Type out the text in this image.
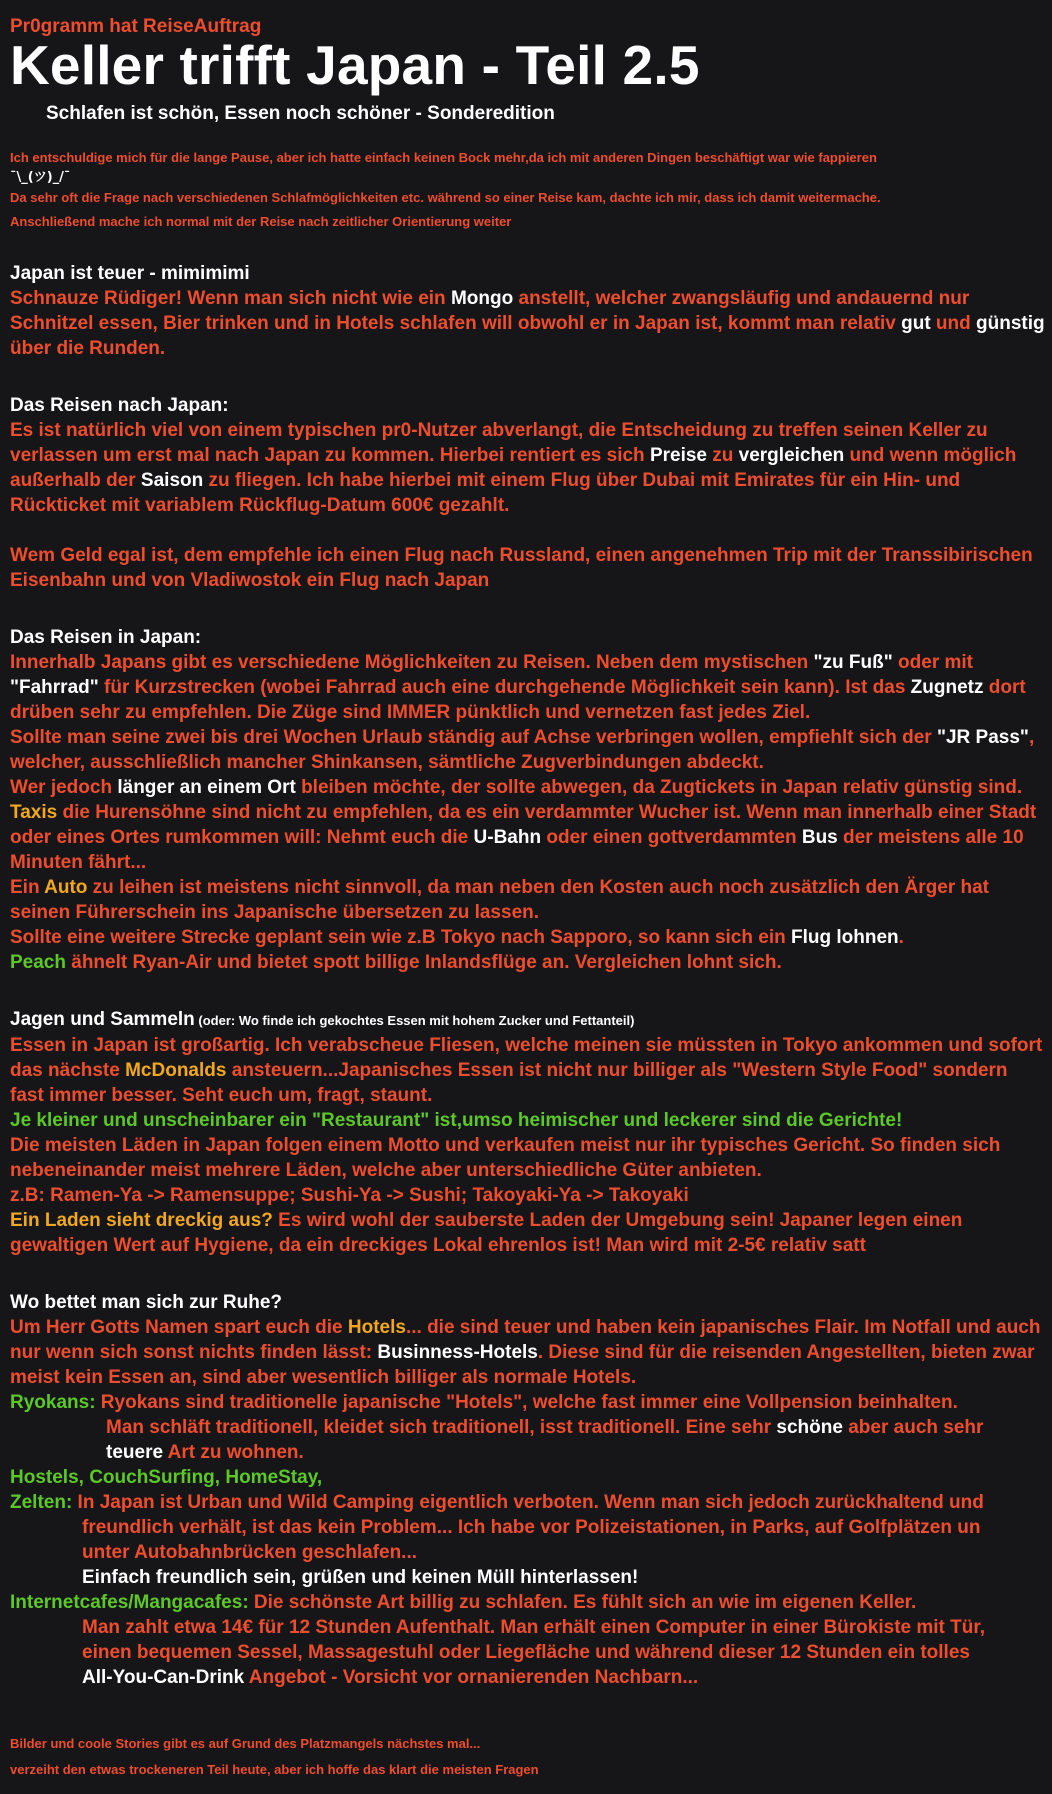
Pr0gramm hat ReiseAuftrag
Keller trifft Japan - Teil 2.5
Schlafen ist schön, Essen noch schöner - Sonderedition
Ich entschuldige mich für die lange Pause, aber ich hatte einfach keinen Bock mehr,da ich mit anderen Dingen beschäftigt war wie fappieren
¯\_(ツ)_/¯
Da sehr oft die Frage nach verschiedenen Schlafmöglichkeiten etc. während so einer Reise kam, dachte ich mir, dass ich damit weitermache.
Anschließend mache ich normal mit der Reise nach zeitlicher Orientierung weiter
Japan ist teuer - mimimimi
Schnauze Rüdiger! Wenn man sich nicht wie ein Mongo anstellt, welcher zwangsläufig und andauernd nur Schnitzel essen, Bier trinken und in Hotels schlafen will obwohl er in Japan ist, kommt man relativ gut und günstig über die Runden.
Das Reisen nach Japan:
Es ist natürlich viel von einem typischen pr0-Nutzer abverlangt, die Entscheidung zu treffen seinen Keller zu verlassen um erst mal nach Japan zu kommen. Hierbei rentiert es sich Preise zu vergleichen und wenn möglich außerhalb der Saison zu fliegen. Ich habe hierbei mit einem Flug über Dubai mit Emirates für ein Hin- und Rückticket mit variablem Rückflug-Datum 600€ gezahlt.
Wem Geld egal ist, dem empfehle ich einen Flug nach Russland, einen angenehmen Trip mit der Transsibirischen Eisenbahn und von Vladiwostok ein Flug nach Japan
Das Reisen in Japan:
Innerhalb Japans gibt es verschiedene Möglichkeiten zu Reisen. Neben dem mystischen "zu Fuß" oder mit "Fahrrad" für Kurzstrecken (wobei Fahrrad auch eine durchgehende Möglichkeit sein kann). Ist das Zugnetz dort drüben sehr zu empfehlen. Die Züge sind IMMER pünktlich und vernetzen fast jedes Ziel.
Sollte man seine zwei bis drei Wochen Urlaub ständig auf Achse verbringen wollen, empfiehlt sich der "JR Pass", welcher, ausschließlich mancher Shinkansen, sämtliche Zugverbindungen abdeckt.
Wer jedoch länger an einem Ort bleiben möchte, der sollte abwegen, da Zugtickets in Japan relativ günstig sind.
Taxis die Hurensöhne sind nicht zu empfehlen, da es ein verdammter Wucher ist. Wenn man innerhalb einer Stadt oder eines Ortes rumkommen will: Nehmt euch die U-Bahn oder einen gottverdammten Bus der meistens alle 10 Minuten fährt...
Ein Auto zu leihen ist meistens nicht sinnvoll, da man neben den Kosten auch noch zusätzlich den Ärger hat seinen Führerschein ins Japanische übersetzen zu lassen.
Sollte eine weitere Strecke geplant sein wie z.B Tokyo nach Sapporo, so kann sich ein Flug lohnen.
Peach ähnelt Ryan-Air und bietet spott billige Inlandsflüge an. Vergleichen lohnt sich.
Jagen und Sammeln (oder: Wo finde ich gekochtes Essen mit hohem Zucker und Fettanteil)
Essen in Japan ist großartig. Ich verabscheue Fliesen, welche meinen sie müssten in Tokyo ankommen und sofort das nächste McDonalds ansteuern...Japanisches Essen ist nicht nur billiger als "Western Style Food" sondern fast immer besser. Seht euch um, fragt, staunt.
Je kleiner und unscheinbarer ein "Restaurant" ist,umso heimischer und leckerer sind die Gerichte!
Die meisten Läden in Japan folgen einem Motto und verkaufen meist nur ihr typisches Gericht. So finden sich nebeneinander meist mehrere Läden, welche aber unterschiedliche Güter anbieten.
z.B: Ramen-Ya -> Ramensuppe; Sushi-Ya -> Sushi; Takoyaki-Ya -> Takoyaki
Ein Laden sieht dreckig aus? Es wird wohl der sauberste Laden der Umgebung sein! Japaner legen einen gewaltigen Wert auf Hygiene, da ein dreckiges Lokal ehrenlos ist! Man wird mit 2-5€ relativ satt
Wo bettet man sich zur Ruhe?
Um Herr Gotts Namen spart euch die Hotels... die sind teuer und haben kein japanisches Flair. Im Notfall und auch nur wenn sich sonst nichts finden lässt: Businness-Hotels. Diese sind für die reisenden Angestellten, bieten zwar meist kein Essen an, sind aber wesentlich billiger als normale Hotels.
Ryokans: Ryokans sind traditionelle japanische "Hotels", welche fast immer eine Vollpension beinhalten.
Man schläft traditionell, kleidet sich traditionell, isst traditionell. Eine sehr schöne aber auch sehr
teuere Art zu wohnen.
Hostels, CouchSurfing, HomeStay,
Zelten: In Japan ist Urban und Wild Camping eigentlich verboten. Wenn man sich jedoch zurückhaltend und
freundlich verhält, ist das kein Problem... Ich habe vor Polizeistationen, in Parks, auf Golfplätzen un
unter Autobahnbrücken geschlafen...
Einfach freundlich sein, grüßen und keinen Müll hinterlassen!
Internetcafes/Mangacafes: Die schönste Art billig zu schlafen. Es fühlt sich an wie im eigenen Keller.
Man zahlt etwa 14€ für 12 Stunden Aufenthalt. Man erhält einen Computer in einer Bürokiste mit Tür,
einen bequemen Sessel, Massagestuhl oder Liegefläche und während dieser 12 Stunden ein tolles
All-You-Can-Drink Angebot - Vorsicht vor ornanierenden Nachbarn...
Bilder und coole Stories gibt es auf Grund des Platzmangels nächstes mal...
verzeiht den etwas trockeneren Teil heute, aber ich hoffe das klart die meisten Fragen
